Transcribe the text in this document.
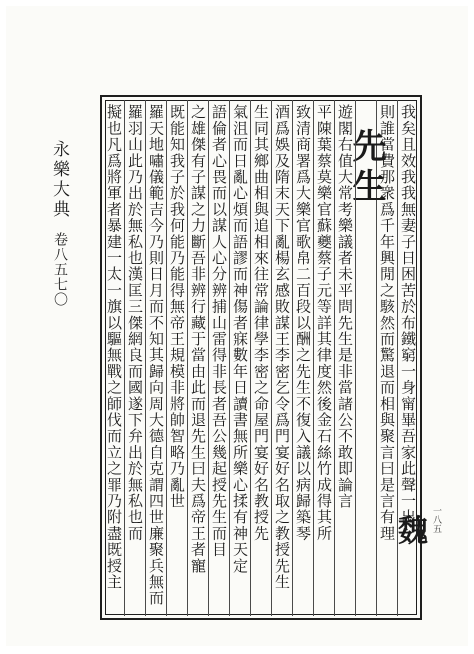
我矣且效我我無妻子日困苦於布鐵窮一身甯畢吾家此聲一出
則誰當費那衆爲千年興閒之駭然而驚退而相與聚言曰是言有理
先生
遊閣右值大常考樂議者未平問先生是非當諸公不敢即論言
平陳葉蔡莫樂官蘇夔蔡子元等詳其律度然後金石絲竹成得其所
致清商署爲大樂官歌帛二百段以酬之先生不復入議以病歸築琴
酒爲娛及隋末天下亂楊玄感敗謀王李密乞令爲門宴好名取之教授先生
生同其鄉曲相與追相來往常論律學李密之命屋門宴好名教授先
氣沮而日亂心煩而語謬而神傷者寐數年日讀書無所樂心揉有神天定
語倫者心畏而以謀人心分辨捕山雷得非長者吾公幾起授先生而目
之雄傑有子謀之力斷吾非辨行藏于當由此而退先生曰夫爲帝王者寵
既能知我子於我何能乃能得無帝王規模非將帥智略乃亂世
羅天地嘯儀範吉今乃則日月而不知其歸向周大德自克謂四世廉聚兵無而
羅羽山此乃出於無私也漢匡三傑網良而國遂下弁出於無私也而
擬也凡爲將軍者暴建一太一旗以驅無戰之師伐而立之罪乃附盡既授主	魏
永樂大典
卷八五七〇
一八五
